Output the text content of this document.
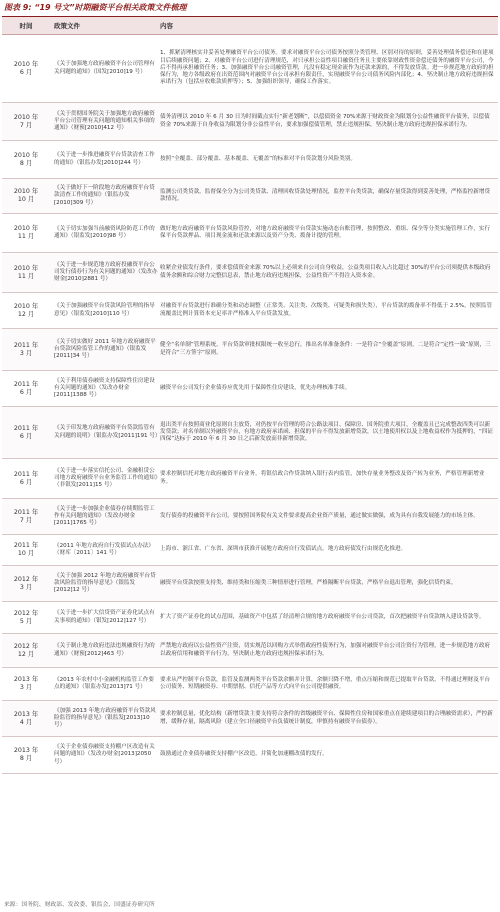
图表 9: “19 号文”时期融资平台相关政策文件梳理
时间	政策文件	内容
2010 年
6 月
《关于加强地方政府融资平台公司管理有关问题的通知》（国发[2010]19 号）
1、抓紧清理核实并妥善处理融资平台公司债务。要求对融资平台公司债务按照分类管理、区别对待的原则，妥善处理债务偿还和在建项目后续融资问题；2、对融资平台公司进行清理规范，对只承担公益性项目融资任务且主要依靠财政性资金偿还债务的融资平台公司，今后不得再承担融资任务；3、加强融资平台公司融资管理，凡没有稳定现金流作为还款来源的，不得发放贷款。进一步规范地方政府的担保行为，地方各级政府在出资范围内对融资平台公司承担有限责任，实现融资平台公司债务风险内部化；4、坚决制止地方政府违规担保承诺行为（包括应收账款质押等）；5、加强组织领导，确保工作落实。
2010 年
7 月
《关于贯彻国务院关于加强地方政府融资平台公司管理有关问题的通知相关事项的通知》（财预[2010]412 号）
债务清理以 2010 年 6 月 30 日为时间截点实行“新老划断”，以偿债资金 70%来源于财政资金为限划分公益性融资平台债务，以偿债资金 70%来源于自身收益为限划分非公益性平台，要求加强偿债管理，禁止违规担保，坚决制止地方政府违规担保承诺行为。
2010 年
8 月
《关于进一步推进融资平台贷款清查工作的通知》（银监办发[2010]244 号）
按照“全覆盖、部分覆盖、基本覆盖、无覆盖”的标准对平台贷款划分风险类别。
2010 年
10 月
《关于做好下一阶段地方政府融资平台贷款清查工作的通知》（银监办发[2010]309 号）
监测公司类贷款，监督保全分为公司类贷款、清理回收贷款处理情况，监控平台类贷款，确保存量贷款得到妥善处理，严格监控新增贷款情况。
2010 年
11 月
《关于切实加强当前融资风险防范工作的通知》（银监发[2010]98 号）
做好地方政府融资平台贷款风险管控，对地方政府融资平台贷款实施动态台账管理，按照整改、重组、保全等分类实施管理工作，实行保平台贷款押品、项目现金流和还款来源以及资产分类、拨备计提的管理。
2010 年
11 月
《关于进一步规范地方政府投融资平台公司发行债券行为有关问题的通知》（发改办财金[2010]2881 号）
收紧企业债发行条件，要求偿债资金来源 70%以上必须来自公司自身收益，公益类项目收入占比超过 30%的平台公司须提供本级政府债务余额和综合财力完整信息表，禁止地方政府违规担保，公益性资产不得注入资本金。
2010 年
12 月
《关于加强融资平台贷款风险管理的指导意见》（银监发[2010]110 号）
对融资平台贷款进行准确分类和动态调整（正常类、关注类、次级类、可疑类和损失类），平台贷款的拨备率不得低于 2.5%，按照监管流覆盖比例计算资本充足率并严格准入平台贷款发放。
2011 年
3 月
《关于切实做好 2011 年地方政府融资平台贷款风险监管工作的通知》（银监发[2011]34 号）
健全“名单制”管理系统，平台贷款审批权限统一收至总行，推出名单准备条件：一是符合“全覆盖”原则，二是符合“定性一致”原则，三是符合“三方签字”原则。
2011 年
6 月
《关于利用债券融资支持保障性住房建设有关问题的通知》（发改办财金[2011]1388 号）
融资平台公司发行企业债券应优先用于保障性住房建设，优先办理核准手续。
2011 年
6 月
《关于印发地方政府融资平台贷款监管有关问题的说明》（银监办发[2011]191 号）
退出类平台按照商业化原则自主放贷，对仍按平台管理的符合公路法项目、保障房、国务院重大项目，全覆盖且已完成整改四类可以新发贷款；对名单制以外融资平台，有地方政府承诺函、担保的平台不得发放新增贷款，以土地使用权以及上地收益权作为抵押的，“四证四保”达标于 2010 年 6 月 30 日之后新发放而非新增贷款。
2011 年
6 月
《关于进一步落实信托公司、金融租赁公司地方政府融资平台业务监管工作的通知》（非银发[2011]15 号）
要求控制信托对地方政府融资平台业务，将银信政合作贷款纳入银行表内监管，加快存量业务整改及资产转为业务，严格管理新增业务。
2011 年
7 月
《关于进一步加强企业债券存续期监管工作有关问题的通知》（发改办财金[2011]1765 号）
发行债券的投融资平台公司，要按照国务院有关文件要求提高企业资产质量，通过做实做强，成为具有自我发展能力的市场主体。
2011 年
10 月
《2011 年地方政府自行发债试点办法》（财库〔2011〕141 号）
上海市、浙江省、广东省、深圳市获准开展地方政府自行发债试点。地方政府债发行由规范化推进。
2012 年
3 月
《关于加强 2012 年地方政府融资平台贷款风险监管的指导意见》（银监发[2012]12 号）
融资平台贷款按照支持类、维持类和压缩类三种情形进行管理，严格隔断平台贷款，严格平台退出管理，强化信贷约束。
2012 年
5 月
《关于进一步扩大信贷资产证券化试点有关事项的通知》（银发[2012]127 号）
扩大了资产证券化的试点范围，基础资产中包括了经清理合规的地方政府融资平台公司贷款，首次把融资平台贷款纳入建设贷款等。
2012 年
12 月
《关于制止地方政府违法违规融资行为的通知》（财预[2012]463 号）
严禁地方政府以公益性资产注资，切实规范以回购方式举借政府性债务行为，加强对融资平台公司注资行为管理，进一步规范地方政府以政府信用和融资平台行为，坚决制止地方政府违规担保承诺行为。
2013 年
3 月
《2013 年农村中小金融机构监管工作要点的通知》（银监办发[2013]71 号）
要求从严控制平台贷款，监管及监测两类平台贷款余额并计算，余额只降不增，重点压缩和规范已提取平台贷款，不得通过理财及平台公司债务、短期融资券、中期票据、信托产品等方式向平台公司提供融资。
2013 年
4 月
《加强 2013 年地方政府融资平台贷款风险监管的指导意见》（银监发[2013]10 号）
要求控制总量，优化结构（新增贷款主要支持符合条件的省级融资平台、保障性住房和国家重点在建续建项目的合理融资需求），严控新增，缓释存量，隔离风险（建立全口径融资平台负债统计制度，审慎持有融资平台债券）。
2013 年
8 月
《关于企业债券融资支持棚户区改造有关问题的通知》（发改办财金[2013]2050 号）
鼓励通过企业债券融资支持棚户区改造，并简化加速棚改债的发行。
来源：国务院、财政部、发改委、银监会、国盛证券研究所
